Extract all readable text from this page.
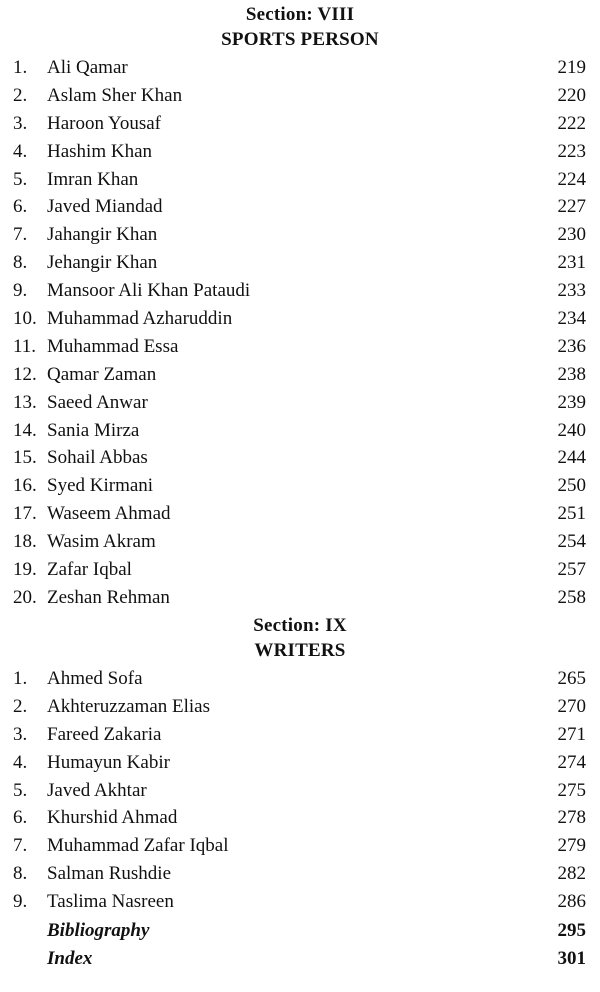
Section: VIII
SPORTS PERSON
1. Ali Qamar	219
2. Aslam Sher Khan	220
3. Haroon Yousaf	222
4. Hashim Khan	223
5. Imran Khan	224
6. Javed Miandad	227
7. Jahangir Khan	230
8. Jehangir Khan	231
9. Mansoor Ali Khan Pataudi	233
10. Muhammad Azharuddin	234
11. Muhammad Essa	236
12. Qamar Zaman	238
13. Saeed Anwar	239
14. Sania Mirza	240
15. Sohail Abbas	244
16. Syed Kirmani	250
17. Waseem Ahmad	251
18. Wasim Akram	254
19. Zafar Iqbal	257
20. Zeshan Rehman	258
Section: IX
WRITERS
1. Ahmed Sofa	265
2. Akhteruzzaman Elias	270
3. Fareed Zakaria	271
4. Humayun Kabir	274
5. Javed Akhtar	275
6. Khurshid Ahmad	278
7. Muhammad Zafar Iqbal	279
8. Salman Rushdie	282
9. Taslima Nasreen	286
Bibliography	295
Index	301
